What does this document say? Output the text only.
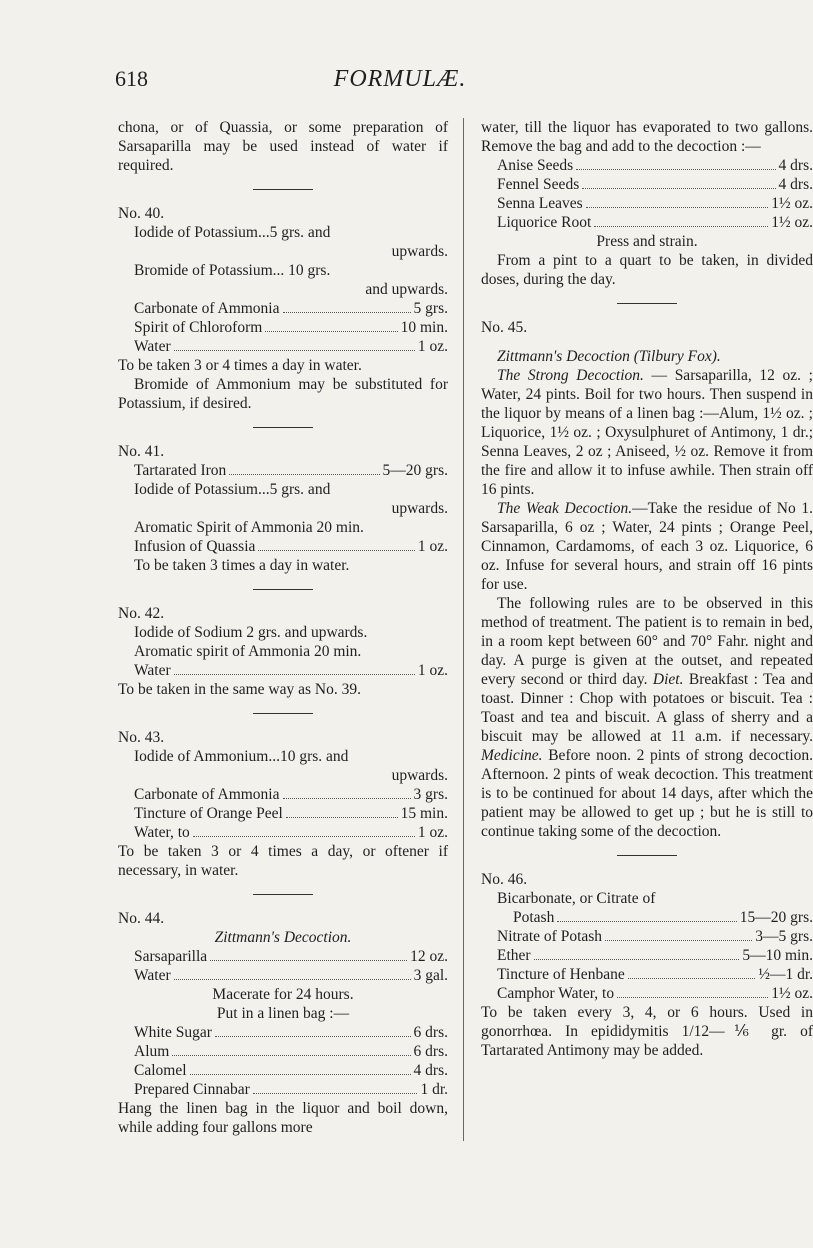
618	FORMULÆ.

chona, or of Quassia, or some preparation of Sarsaparilla may be used instead of water if required.

No. 40.

Iodide of Potassium...5 grs. and

upwards.

Bromide of Potassium... 10 grs.

and upwards.

Carbonate of Ammonia	5 grs.
Spirit of Chloroform	10 min.
Water	1 oz.

To be taken 3 or 4 times a day in water.

Bromide of Ammonium may be substituted for Potassium, if desired.

No. 41.

Tartarated Iron	5—20 grs.

Iodide of Potassium...5 grs. and

upwards.

Aromatic Spirit of Ammonia 20 min.

Infusion of Quassia	1 oz.

To be taken 3 times a day in water.

No. 42.

Iodide of Sodium 2 grs. and upwards.

Aromatic spirit of Ammonia 20 min.

Water	1 oz.

To be taken in the same way as No. 39.

No. 43.

Iodide of Ammonium...10 grs. and

upwards.

Carbonate of Ammonia	3 grs.
Tincture of Orange Peel	15 min.
Water, to	1 oz.

To be taken 3 or 4 times a day, or oftener if necessary, in water.

No. 44.

Zittmann's Decoction.

Sarsaparilla	12 oz.
Water	3 gal.

Macerate for 24 hours.

Put in a linen bag :—

White Sugar	6 drs.
Alum	6 drs.
Calomel	4 drs.
Prepared Cinnabar	1 dr.

Hang the linen bag in the liquor and boil down, while adding four gallons more

water, till the liquor has evaporated to two gallons. Remove the bag and add to the decoction :—

Anise Seeds	4 drs.
Fennel Seeds	4 drs.
Senna Leaves	1½ oz.
Liquorice Root	1½ oz.

Press and strain.

From a pint to a quart to be taken, in divided doses, during the day.

No. 45.

Zittmann's Decoction (Tilbury Fox).

The Strong Decoction. — Sarsaparilla, 12 oz. ; Water, 24 pints. Boil for two hours. Then suspend in the liquor by means of a linen bag :—Alum, 1½ oz. ; Liquorice, 1½ oz. ; Oxysulphuret of Antimony, 1 dr.; Senna Leaves, 2 oz ; Aniseed, ½ oz. Remove it from the fire and allow it to infuse awhile. Then strain off 16 pints.

The Weak Decoction.—Take the residue of No 1. Sarsaparilla, 6 oz ; Water, 24 pints ; Orange Peel, Cinnamon, Cardamoms, of each 3 oz. Liquorice, 6 oz. Infuse for several hours, and strain off 16 pints for use.

The following rules are to be observed in this method of treatment. The patient is to remain in bed, in a room kept between 60° and 70° Fahr. night and day. A purge is given at the outset, and repeated every second or third day. Diet. Breakfast : Tea and toast. Dinner : Chop with potatoes or biscuit. Tea : Toast and tea and biscuit. A glass of sherry and a biscuit may be allowed at 11 a.m. if necessary. Medicine. Before noon. 2 pints of strong decoction. Afternoon. 2 pints of weak decoction. This treatment is to be continued for about 14 days, after which the patient may be allowed to get up ; but he is still to continue taking some of the decoction.

No. 46.

Bicarbonate, or Citrate of

Potash	15—20 grs.
Nitrate of Potash	3—5 grs.
Ether	5—10 min.
Tincture of Henbane	½—1 dr.
Camphor Water, to	1½ oz.

To be taken every 3, 4, or 6 hours. Used in gonorrhœa. In epididymitis 1/12—⅙ gr. of Tartarated Antimony may be added.
